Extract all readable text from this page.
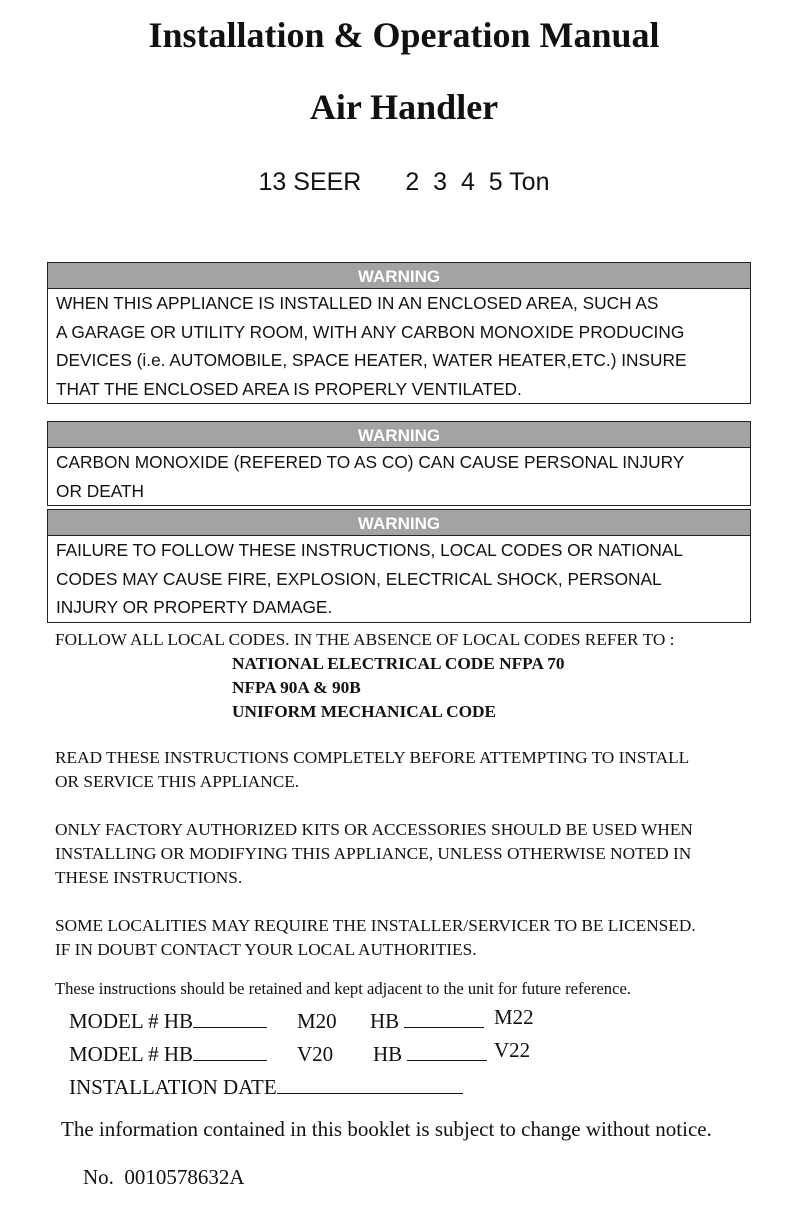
Installation & Operation Manual
Air Handler
13 SEER 2  3  4  5 Ton
WARNING
WHEN THIS APPLIANCE IS INSTALLED IN AN ENCLOSED AREA, SUCH AS
A GARAGE OR UTILITY ROOM, WITH ANY CARBON MONOXIDE PRODUCING
DEVICES (i.e. AUTOMOBILE, SPACE HEATER, WATER HEATER,ETC.) INSURE
THAT THE ENCLOSED AREA IS PROPERLY VENTILATED.
WARNING
CARBON MONOXIDE (REFERED TO AS CO) CAN CAUSE PERSONAL INJURY
OR DEATH
WARNING
FAILURE TO FOLLOW THESE INSTRUCTIONS, LOCAL CODES OR NATIONAL
CODES MAY CAUSE FIRE, EXPLOSION, ELECTRICAL SHOCK, PERSONAL
INJURY OR PROPERTY DAMAGE.
FOLLOW ALL LOCAL CODES. IN THE ABSENCE OF LOCAL CODES REFER TO :
NATIONAL ELECTRICAL CODE NFPA 70
NFPA 90A & 90B
UNIFORM MECHANICAL CODE
READ THESE INSTRUCTIONS COMPLETELY BEFORE ATTEMPTING TO INSTALL
OR SERVICE THIS APPLIANCE.
ONLY FACTORY AUTHORIZED KITS OR ACCESSORIES SHOULD BE USED WHEN
INSTALLING OR MODIFYING THIS APPLIANCE, UNLESS OTHERWISE NOTED IN
THESE INSTRUCTIONS.
SOME LOCALITIES MAY REQUIRE THE INSTALLER/SERVICER TO BE LICENSED.
IF IN DOUBT CONTACT YOUR LOCAL AUTHORITIES.
These instructions should be retained and kept adjacent to the unit for future reference.
MODEL # HB	M20 HB	M22
MODEL # HB	V20 HB	V22
INSTALLATION DATE
The information contained in this booklet is subject to change without notice.
No.  0010578632A
